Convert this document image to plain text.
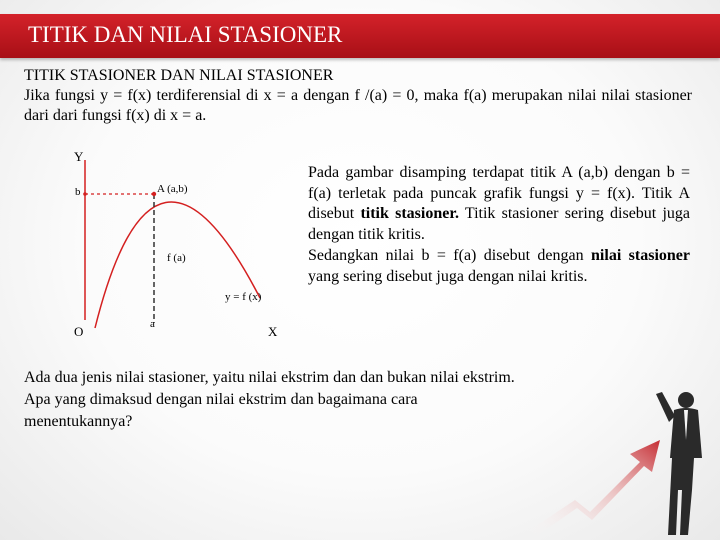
TITIK DAN NILAI STASIONER
TITIK STASIONER DAN NILAI STASIONER
Jika fungsi y = f(x) terdiferensial di x = a dengan f /(a) = 0, maka f(a) merupakan nilai nilai stasioner dari dari fungsi f(x) di x = a.
Y
X
O
b
a
A (a,b)
f (a)
y = f (x)
Pada gambar disamping terdapat titik A (a,b) dengan b = f(a) terletak pada puncak grafik fungsi y = f(x). Titik A disebut titik stasioner. Titik stasioner sering disebut juga dengan titik kritis.
Sedangkan nilai b = f(a) disebut dengan nilai stasioner yang sering disebut juga dengan nilai kritis.
Ada dua jenis nilai stasioner, yaitu nilai ekstrim dan dan bukan nilai ekstrim.
Apa yang dimaksud dengan nilai ekstrim dan bagaimana cara
menentukannya?
